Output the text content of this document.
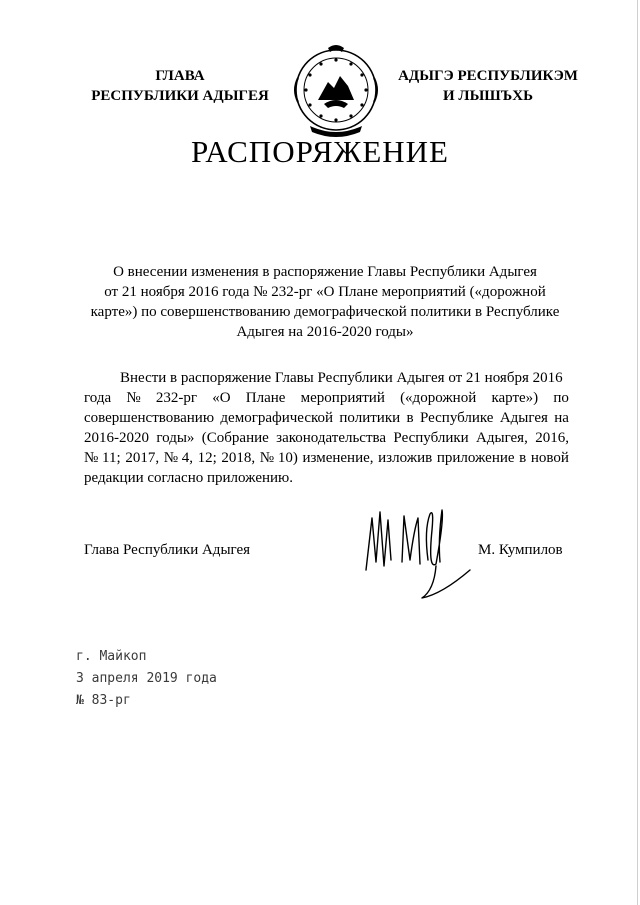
ГЛАВА
РЕСПУБЛИКИ АДЫГЕЯ
АДЫГЭ РЕСПУБЛИКЭМ
И ЛЫШЪХЬ
РАСПОРЯЖЕНИЕ
О внесении изменения в распоряжение Главы Республики Адыгея
от 21 ноября 2016 года № 232-рг «О Плане мероприятий («дорожной
карте») по совершенствованию демографической политики в Республике
Адыгея на 2016-2020 годы»
Внести в распоряжение Главы Республики Адыгея от 21 ноября 2016
года № 232-рг «О Плане мероприятий («дорожной карте») по
совершенствованию демографической политики в Республике Адыгея на
2016-2020 годы» (Собрание законодательства Республики Адыгея, 2016,
№ 11; 2017, № 4, 12; 2018, № 10) изменение, изложив приложение в новой
редакции согласно приложению.
Глава Республики Адыгея	М. Кумпилов
г. Майкоп
3 апреля 2019 года
№ 83-рг
